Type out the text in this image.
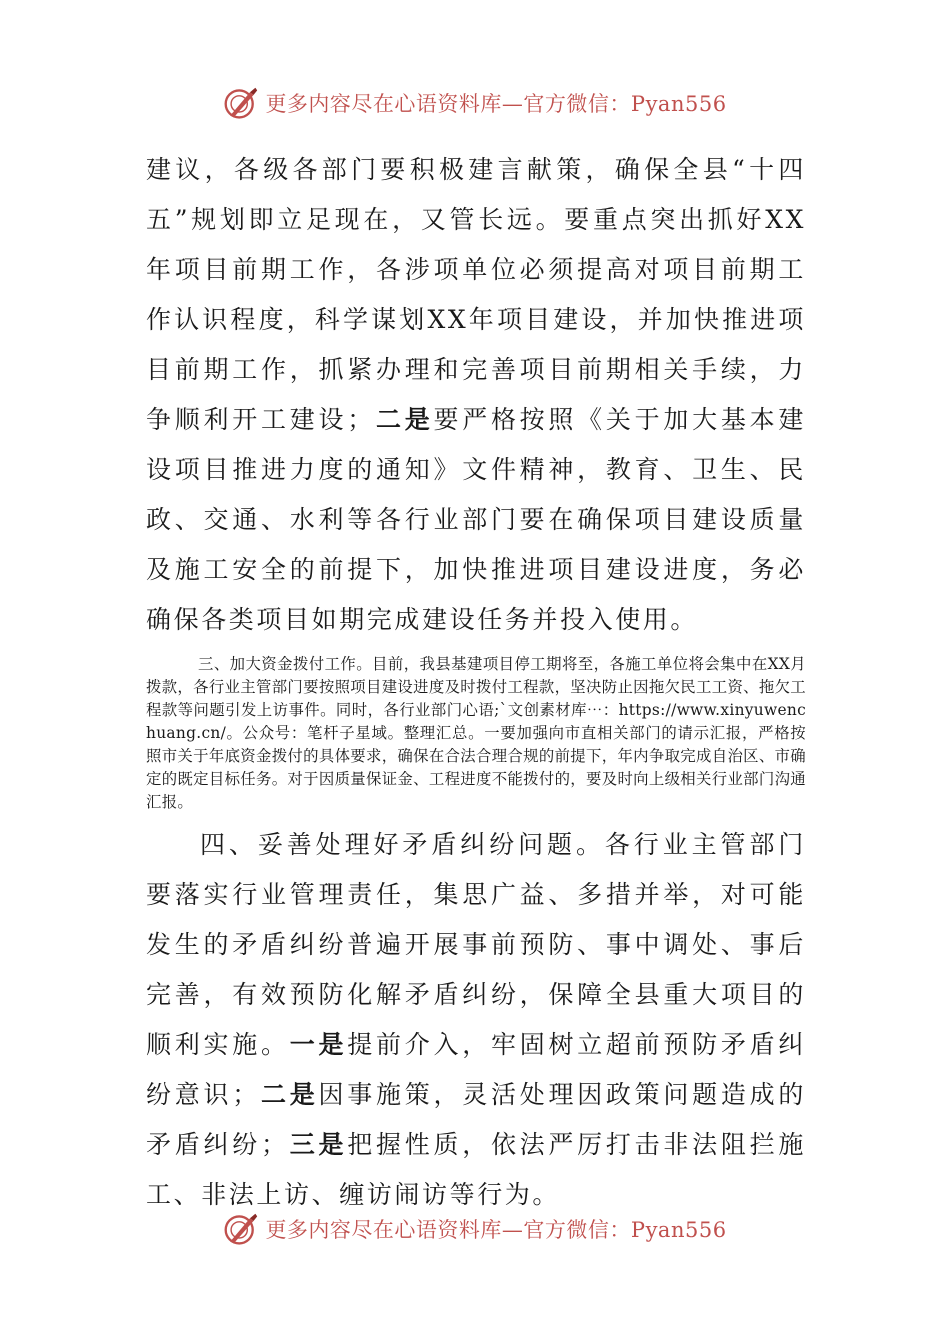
更多内容尽在心语资料库—官方微信：Pyan556

建议，各级各部门要积极建言献策，确保全县“十四五”规划即立足现在，又管长远。要重点突出抓好XX年项目前期工作，各涉项单位必须提高对项目前期工作认识程度，科学谋划XX年项目建设，并加快推进项目前期工作，抓紧办理和完善项目前期相关手续，力争顺利开工建设；二是要严格按照《关于加大基本建设项目推进力度的通知》文件精神，教育、卫生、民政、交通、水利等各行业部门要在确保项目建设质量及施工安全的前提下，加快推进项目建设进度，务必确保各类项目如期完成建设任务并投入使用。

三、加大资金拨付工作。目前，我县基建项目停工期将至，各施工单位将会集中在XX月拨款，各行业主管部门要按照项目建设进度及时拨付工程款，坚决防止因拖欠民工工资、拖欠工程款等问题引发上访事件。同时，各行业部门心语;`文创素材库⋯：https://www.xinyuwenchuang.cn/。公众号：笔杆子星域。整理汇总。一要加强向市直相关部门的请示汇报，严格按照市关于年底资金拨付的具体要求，确保在合法合理合规的前提下，年内争取完成自治区、市确定的既定目标任务。对于因质量保证金、工程进度不能拨付的，要及时向上级相关行业部门沟通汇报。

四、妥善处理好矛盾纠纷问题。各行业主管部门要落实行业管理责任，集思广益、多措并举，对可能发生的矛盾纠纷普遍开展事前预防、事中调处、事后完善，有效预防化解矛盾纠纷，保障全县重大项目的顺利实施。一是提前介入，牢固树立超前预防矛盾纠纷意识；二是因事施策，灵活处理因政策问题造成的矛盾纠纷；三是把握性质，依法严厉打击非法阻拦施工、非法上访、缠访闹访等行为。

更多内容尽在心语资料库—官方微信：Pyan556
